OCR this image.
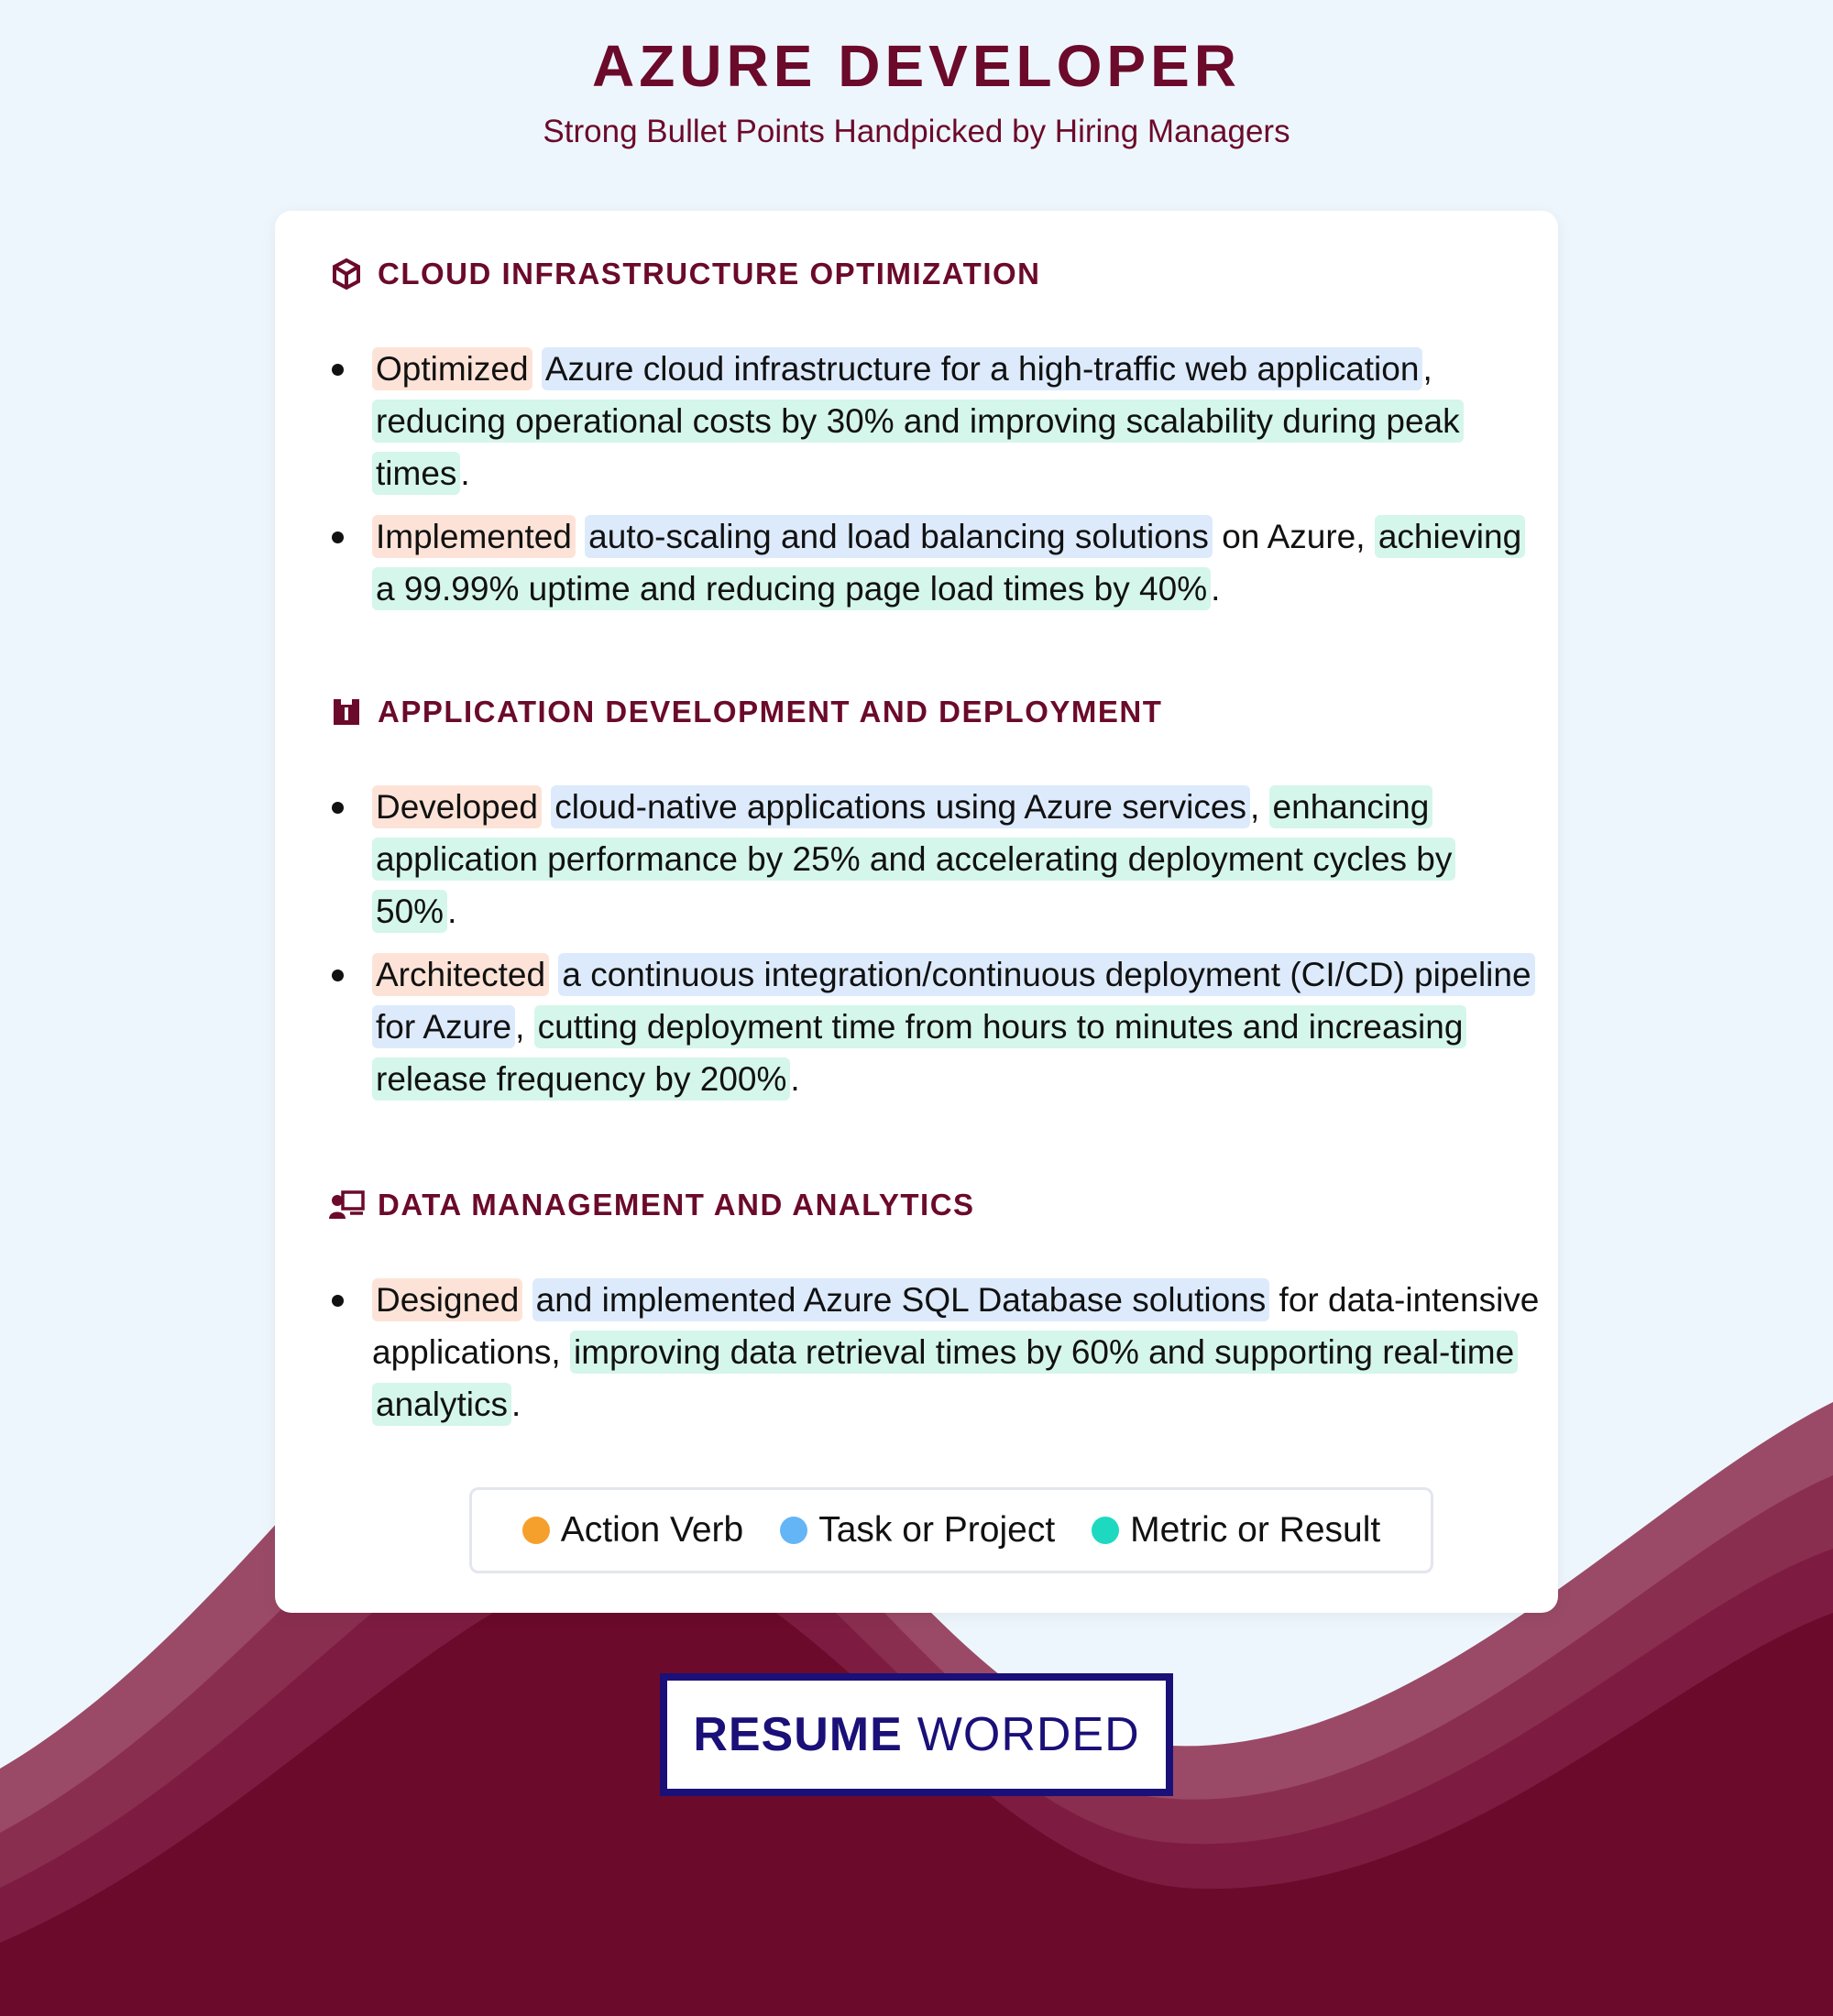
AZURE DEVELOPER
Strong Bullet Points Handpicked by Hiring Managers
CLOUD INFRASTRUCTURE OPTIMIZATION
Optimized Azure cloud infrastructure for a high-traffic web application , reducing operational costs by 30% and improving scalability during peak times .
Implemented auto-scaling and load balancing solutions on Azure, achieving a 99.99% uptime and reducing page load times by 40% .
APPLICATION DEVELOPMENT AND DEPLOYMENT
Developed cloud-native applications using Azure services , enhancing application performance by 25% and accelerating deployment cycles by 50% .
Architected a continuous integration/continuous deployment (CI/CD) pipeline for Azure , cutting deployment time from hours to minutes and increasing release frequency by 200% .
DATA MANAGEMENT AND ANALYTICS
Designed and implemented Azure SQL Database solutions for data-intensive applications, improving data retrieval times by 60% and supporting real-time analytics .
Action Verb Task or Project Metric or Result
RESUME WORDED
